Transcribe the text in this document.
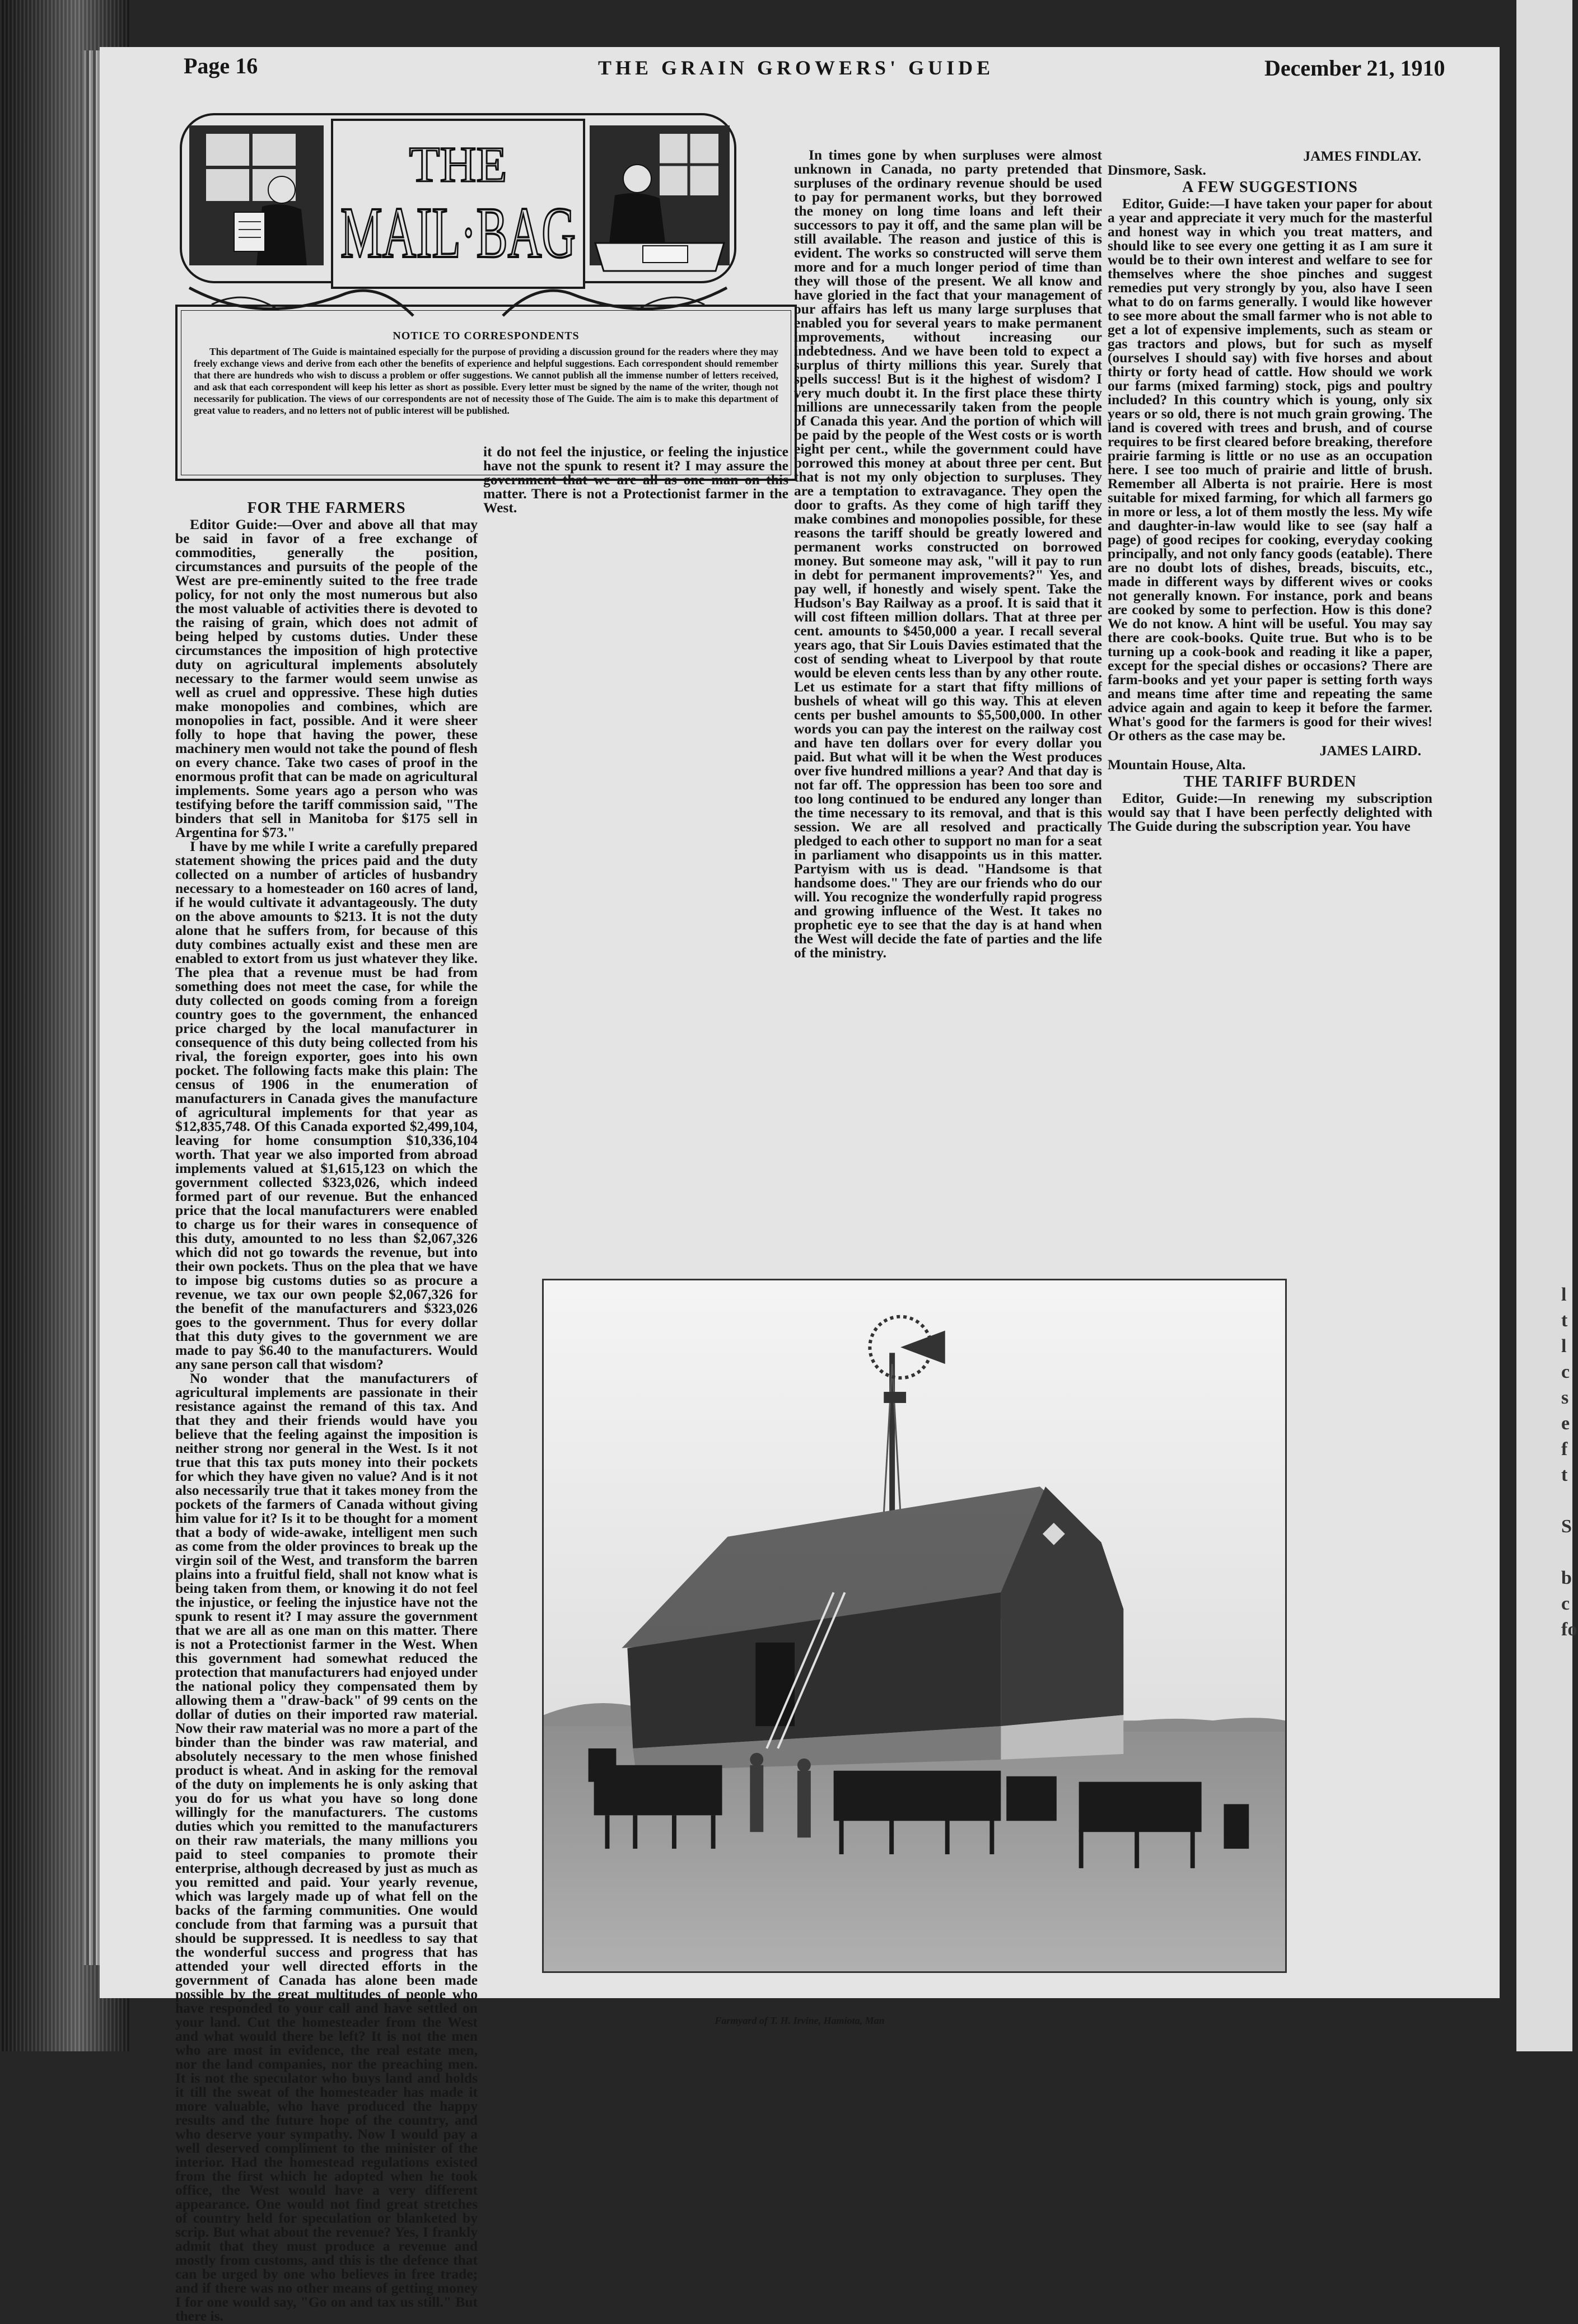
Page 16	THE GRAIN GROWERS' GUIDE	December 21, 1910
THE
MAIL·BAG
NOTICE TO CORRESPONDENTS
This department of The Guide is maintained especially for the purpose of providing a discussion ground for the readers where they may freely exchange views and derive from each other the benefits of experience and helpful suggestions. Each correspondent should remember that there are hundreds who wish to discuss a problem or offer suggestions. We cannot publish all the immense number of letters received, and ask that each correspondent will keep his letter as short as possible. Every letter must be signed by the name of the writer, though not necessarily for publication. The views of our correspondents are not of necessity those of The Guide. The aim is to make this department of great value to readers, and no letters not of public interest will be published.
FOR THE FARMERS

Editor Guide:—Over and above all that may be said in favor of a free exchange of commodities, generally the position, circumstances and pursuits of the people of the West are pre-eminently suited to the free trade policy, for not only the most numerous but also the most valuable of activities there is devoted to the raising of grain, which does not admit of being helped by customs duties. Under these circumstances the imposition of high protective duty on agricultural implements absolutely necessary to the farmer would seem unwise as well as cruel and oppressive. These high duties make monopolies and combines, which are monopolies in fact, possible. And it were sheer folly to hope that having the power, these machinery men would not take the pound of flesh on every chance. Take two cases of proof in the enormous profit that can be made on agricultural implements. Some years ago a person who was testifying before the tariff commission said, "The binders that sell in Manitoba for $175 sell in Argentina for $73."

I have by me while I write a carefully prepared statement showing the prices paid and the duty collected on a number of articles of husbandry necessary to a homesteader on 160 acres of land, if he would cultivate it advantageously. The duty on the above amounts to $213. It is not the duty alone that he suffers from, for because of this duty combines actually exist and these men are enabled to extort from us just whatever they like. The plea that a revenue must be had from something does not meet the case, for while the duty collected on goods coming from a foreign country goes to the government, the enhanced price charged by the local manufacturer in consequence of this duty being collected from his rival, the foreign exporter, goes into his own pocket. The following facts make this plain: The census of 1906 in the enumeration of manufacturers in Canada gives the manufacture of agricultural implements for that year as $12,835,748. Of this Canada exported $2,499,104, leaving for home consumption $10,336,104 worth. That year we also imported from abroad implements valued at $1,615,123 on which the government collected $323,026, which indeed formed part of our revenue. But the enhanced price that the local manufacturers were enabled to charge us for their wares in consequence of this duty, amounted to no less than $2,067,326 which did not go towards the revenue, but into their own pockets. Thus on the plea that we have to impose big customs duties so as procure a revenue, we tax our own people $2,067,326 for the benefit of the manufacturers and $323,026 goes to the government. Thus for every dollar that this duty gives to the government we are made to pay $6.40 to the manufacturers. Would any sane person call that wisdom?

No wonder that the manufacturers of agricultural implements are passionate in their resistance against the remand of this tax. And that they and their friends would have you believe that the feeling against the imposition is neither strong nor general in the West. Is it not true that this tax puts money into their pockets for which they have given no value? And is it not also necessarily true that it takes money from the pockets of the farmers of Canada without giving him value for it? Is it to be thought for a moment that a body of wide-awake, intelligent men such as come from the older provinces to break up the virgin soil of the West, and transform the barren plains into a fruitful field, shall not know what is being taken from them, or knowing it do not feel the injustice, or feeling the injustice have not the spunk to resent it? I may assure the government that we are all as one man on this matter. There is not a Protectionist farmer in the West. When this government had somewhat reduced the protection that manufacturers had enjoyed under the national policy they compensated them by allowing them a "draw-back" of 99 cents on the dollar of duties on their imported raw material. Now their raw material was no more a part of the binder than the binder was raw material, and absolutely necessary to the men whose finished product is wheat. And in asking for the removal of the duty on implements he is only asking that you do for us what you have so long done willingly for the manufacturers. The customs duties which you remitted to the manufacturers on their raw materials, the many millions you paid to steel companies to promote their enterprise, although decreased by just as much as you remitted and paid. Your yearly revenue, which was largely made up of what fell on the backs of the farming communities. One would conclude from that farming was a pursuit that should be suppressed. It is needless to say that the wonderful success and progress that has attended your well directed efforts in the government of Canada has alone been made possible by the great multitudes of people who have responded to your call and have settled on your land. Cut the homesteader from the West and what would there be left? It is not the men who are most in evidence, the real estate men, nor the land companies, nor the preaching men. It is not the speculator who buys land and holds it till the sweat of the homesteader has made it more valuable, who have produced the happy results and the future hope of the country, and who deserve your sympathy. Now I would pay a well deserved compliment to the minister of the interior. Had the homestead regulations existed from the first which he adopted when he took office, the West would have a very different appearance. One would not find great stretches of country held for speculation or blanketed by scrip. But what about the revenue? Yes, I frankly admit that they must produce a revenue and mostly from customs, and this is the defence that can be urged by one who believes in free trade; and if there was no other means of getting money I for one would say, "Go on and tax us still." But there is.

it do not feel the injustice, or feeling the injustice have not the spunk to resent it? I may assure the government that we are all as one man on this matter. There is not a Protectionist farmer in the West.

In times gone by when surpluses were almost unknown in Canada, no party pretended that surpluses of the ordinary revenue should be used to pay for permanent works, but they borrowed the money on long time loans and left their successors to pay it off, and the same plan will be still available. The reason and justice of this is evident. The works so constructed will serve them more and for a much longer period of time than they will those of the present. We all know and have gloried in the fact that your management of our affairs has left us many large surpluses that enabled you for several years to make permanent improvements, without increasing our indebtedness. And we have been told to expect a surplus of thirty millions this year. Surely that spells success! But is it the highest of wisdom? I very much doubt it. In the first place these thirty millions are unnecessarily taken from the people of Canada this year. And the portion of which will be paid by the people of the West costs or is worth eight per cent., while the government could have borrowed this money at about three per cent. But that is not my only objection to surpluses. They are a temptation to extravagance. They open the door to grafts. As they come of high tariff they make combines and monopolies possible, for these reasons the tariff should be greatly lowered and permanent works constructed on borrowed money. But someone may ask, "will it pay to run in debt for permanent improvements?" Yes, and pay well, if honestly and wisely spent. Take the Hudson's Bay Railway as a proof. It is said that it will cost fifteen million dollars. That at three per cent. amounts to $450,000 a year. I recall several years ago, that Sir Louis Davies estimated that the cost of sending wheat to Liverpool by that route would be eleven cents less than by any other route. Let us estimate for a start that fifty millions of bushels of wheat will go this way. This at eleven cents per bushel amounts to $5,500,000. In other words you can pay the interest on the railway cost and have ten dollars over for every dollar you paid. But what will it be when the West produces over five hundred millions a year? And that day is not far off. The oppression has been too sore and too long continued to be endured any longer than the time necessary to its removal, and that is this session. We are all resolved and practically pledged to each other to support no man for a seat in parliament who disappoints us in this matter. Partyism with us is dead. "Handsome is that handsome does." They are our friends who do our will. You recognize the wonderfully rapid progress and growing influence of the West. It takes no prophetic eye to see that the day is at hand when the West will decide the fate of parties and the life of the ministry.

JAMES FINDLAY.

Dinsmore, Sask.

A FEW SUGGESTIONS

Editor, Guide:—I have taken your paper for about a year and appreciate it very much for the masterful and honest way in which you treat matters, and should like to see every one getting it as I am sure it would be to their own interest and welfare to see for themselves where the shoe pinches and suggest remedies put very strongly by you, also have I seen what to do on farms generally. I would like however to see more about the small farmer who is not able to get a lot of expensive implements, such as steam or gas tractors and plows, but for such as myself (ourselves I should say) with five horses and about thirty or forty head of cattle. How should we work our farms (mixed farming) stock, pigs and poultry included? In this country which is young, only six years or so old, there is not much grain growing. The land is covered with trees and brush, and of course requires to be first cleared before breaking, therefore prairie farming is little or no use as an occupation here. I see too much of prairie and little of brush. Remember all Alberta is not prairie. Here is most suitable for mixed farming, for which all farmers go in more or less, a lot of them mostly the less. My wife and daughter-in-law would like to see (say half a page) of good recipes for cooking, everyday cooking principally, and not only fancy goods (eatable). There are no doubt lots of dishes, breads, biscuits, etc., made in different ways by different wives or cooks not generally known. For instance, pork and beans are cooked by some to perfection. How is this done? We do not know. A hint will be useful. You may say there are cook-books. Quite true. But who is to be turning up a cook-book and reading it like a paper, except for the special dishes or occasions? There are farm-books and yet your paper is setting forth ways and means time after time and repeating the same advice again and again to keep it before the farmer. What's good for the farmers is good for their wives! Or others as the case may be.

JAMES LAIRD.

Mountain House, Alta.

THE TARIFF BURDEN

Editor, Guide:—In renewing my subscription would say that I have been perfectly delighted with The Guide during the subscription year. You have

Farmyard of T. H. Irvine, Hamiota, Man
l
t
l
c
s
e
f
t

S

b
c
fo
